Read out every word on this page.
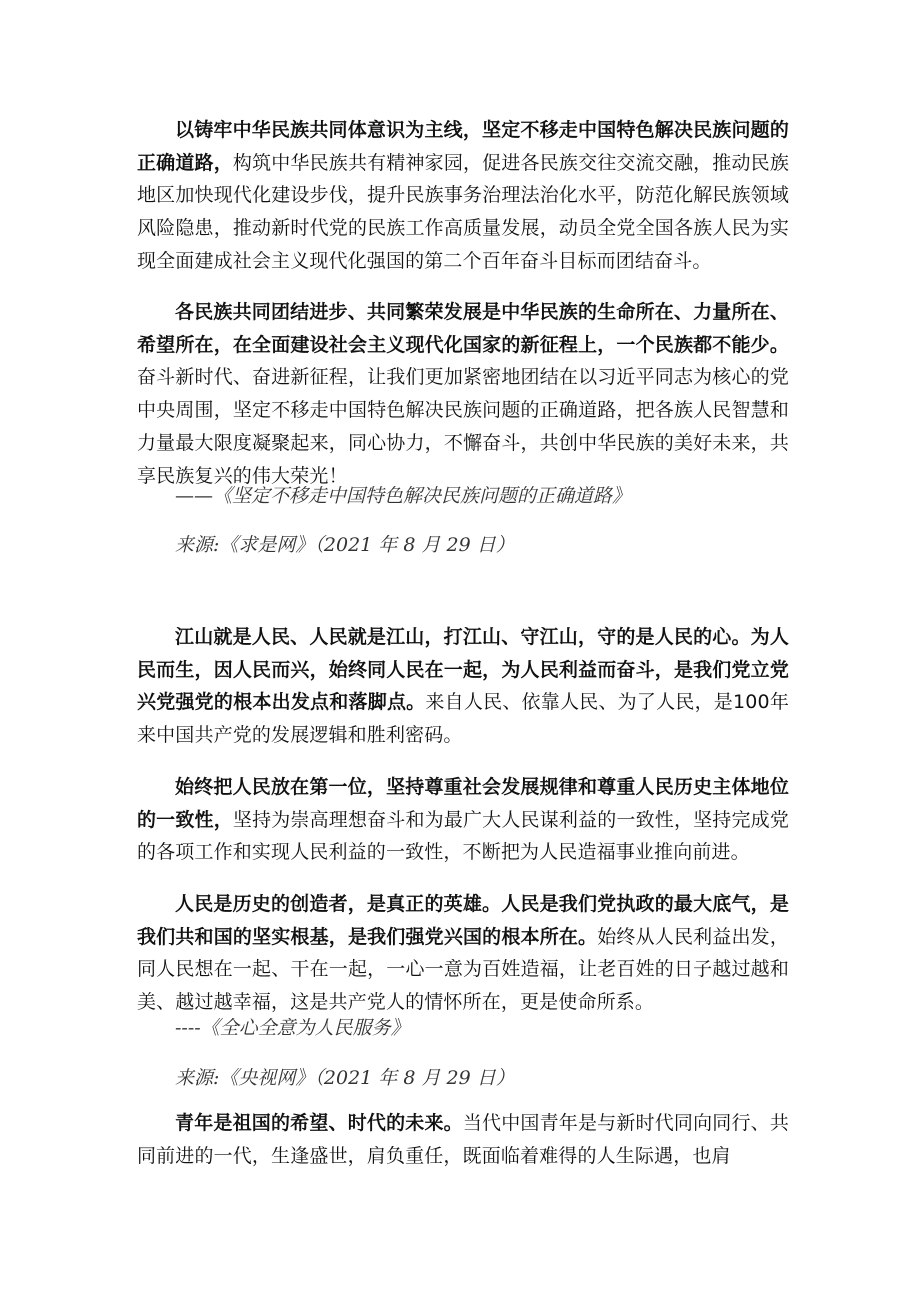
以铸牢中华民族共同体意识为主线，坚定不移走中国特色解决民族问题的正确道路，构筑中华民族共有精神家园，促进各民族交往交流交融，推动民族地区加快现代化建设步伐，提升民族事务治理法治化水平，防范化解民族领域风险隐患，推动新时代党的民族工作高质量发展，动员全党全国各族人民为实现全面建成社会主义现代化强国的第二个百年奋斗目标而团结奋斗。

各民族共同团结进步、共同繁荣发展是中华民族的生命所在、力量所在、希望所在，在全面建设社会主义现代化国家的新征程上，一个民族都不能少。奋斗新时代、奋进新征程，让我们更加紧密地团结在以习近平同志为核心的党中央周围，坚定不移走中国特色解决民族问题的正确道路，把各族人民智慧和力量最大限度凝聚起来，同心协力，不懈奋斗，共创中华民族的美好未来，共享民族复兴的伟大荣光！

——《坚定不移走中国特色解决民族问题的正确道路》

来源:《求是网》（2021 年 8 月 29 日）

江山就是人民、人民就是江山，打江山、守江山，守的是人民的心。为人民而生，因人民而兴，始终同人民在一起，为人民利益而奋斗，是我们党立党兴党强党的根本出发点和落脚点。来自人民、依靠人民、为了人民，是100年来中国共产党的发展逻辑和胜利密码。

始终把人民放在第一位，坚持尊重社会发展规律和尊重人民历史主体地位的一致性，坚持为崇高理想奋斗和为最广大人民谋利益的一致性，坚持完成党的各项工作和实现人民利益的一致性，不断把为人民造福事业推向前进。

人民是历史的创造者，是真正的英雄。人民是我们党执政的最大底气，是我们共和国的坚实根基，是我们强党兴国的根本所在。始终从人民利益出发，同人民想在一起、干在一起，一心一意为百姓造福，让老百姓的日子越过越和美、越过越幸福，这是共产党人的情怀所在，更是使命所系。

----《全心全意为人民服务》

来源:《央视网》（2021 年 8 月 29 日）

青年是祖国的希望、时代的未来。当代中国青年是与新时代同向同行、共同前进的一代，生逢盛世，肩负重任，既面临着难得的人生际遇，也肩
